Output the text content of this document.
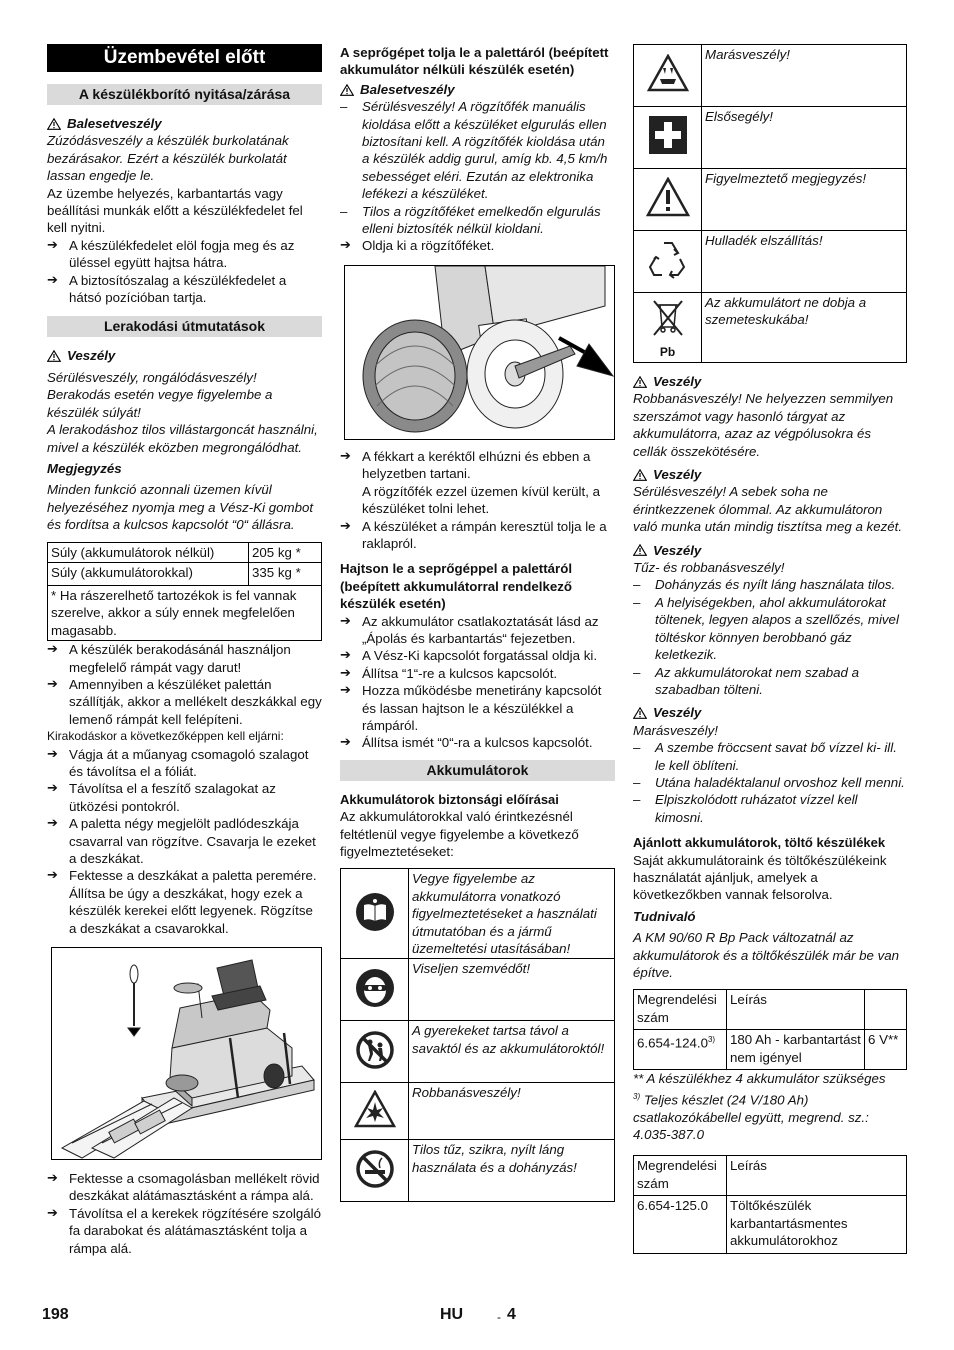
Üzembevétel előtt
A készülékborító nyitása/zárása
Balesetveszély

Zúzódásveszély a készülék burkolatának bezárásakor. Ezért a készülék burkolatát lassan engedje le.

Az üzembe helyezés, karbantartás vagy beállítási munkák előtt a készülékfedelet fel kell nyitni.

➔ A készülékfedelet elöl fogja meg és az üléssel együtt hajtsa hátra.

➔ A biztosítószalag a készülékfedelet a hátsó pozícióban tartja.

Lerakodási útmutatások
Veszély

Sérülésveszély, rongálódásveszély!

Berakodás esetén vegye figyelembe a készülék súlyát!

A lerakodáshoz tilos villástargoncát használni, mivel a készülék eközben megrongálódhat.

Megjegyzés

Minden funkció azonnali üzemen kívül helyezéséhez nyomja meg a Vész-Ki gombot és fordítsa a kulcsos kapcsolót “0“ állásra.

Súly (akkumulátorok nélkül)	205 kg *
Súly (akkumulátorokkal)	335 kg *
* Ha rászerelhető tartozékok is fel vannak szerelve, akkor a súly ennek megfelelően magasabb.	

➔ A készülék berakodásánál használjon megfelelő rámpát vagy darut!

➔ Amennyiben a készüléket palettán szállítják, akkor a mellékelt deszkákkal egy lemenő rámpát kell felépíteni.

Kirakodáskor a következőképpen kell eljárni:

➔ Vágja át a műanyag csomagoló szalagot és távolítsa el a fóliát.

➔ Távolítsa el a feszítő szalagokat az ütközési pontokról.

➔ A paletta négy megjelölt padlódeszkája csavarral van rögzítve. Csavarja le ezeket a deszkákat.

➔ Fektesse a deszkákat a paletta peremére. Állítsa be úgy a deszkákat, hogy ezek a készülék kerekei előtt legyenek. Rögzítse a deszkákat a csavarokkal.

➔ Fektesse a csomagolásban mellékelt rövid deszkákat alátámasztásként a rámpa alá.

➔ Távolítsa el a kerekek rögzítésére szolgáló fa darabokat és alátámasztásként tolja a rámpa alá.

A seprőgépet tolja le a palettáról (beépített akkumulátor nélküli készülék esetén)

Balesetveszély

– Sérülésveszély! A rögzítőfék manuális kioldása előtt a készüléket elgurulás ellen biztosítani kell. A rögzítőfék kioldása után a készülék addig gurul, amíg kb. 4,5 km/h sebességet eléri. Ezután az elektronika lefékezi a készüléket.

– Tilos a rögzítőféket emelkedőn elgurulás elleni biztosíték nélkül kioldani.

➔ Oldja ki a rögzítőféket.

➔ A fékkart a keréktől elhúzni és ebben a helyzetben tartani.

A rögzítőfék ezzel üzemen kívül került, a készüléket tolni lehet.

➔ A készüléket a rámpán keresztül tolja le a raklapról.

Hajtson le a seprőgéppel a palettáról (beépített akkumulátorral rendelkező készülék esetén)

➔ Az akkumulátor csatlakoztatását lásd az „Ápolás és karbantartás“ fejezetben.

➔ A Vész-Ki kapcsolót forgatással oldja ki.

➔ Állítsa “1“-re a kulcsos kapcsolót.

➔ Hozza működésbe menetirány kapcsolót és lassan hajtson le a készülékkel a rámpáról.

➔ Állítsa ismét “0“-ra a kulcsos kapcsolót.

Akkumulátorok

Akkumulátorok biztonsági előírásai

Az akkumulátorokkal való érintkezésnél feltétlenül vegye figyelembe a következő figyelmeztetéseket:

	Vegye figyelembe az akkumulátorra vonatkozó figyelmeztetéseket a használati útmutatóban és a jármű üzemeltetési utasításában!
	Viseljen szemvédőt!
	A gyerekeket tartsa távol a savaktól és az akkumulátoroktól!
	Robbanásveszély!
	Tilos tűz, szikra, nyílt láng használata és a dohányzás!
	Marásveszély!
	Elsősegély!
	Figyelmeztető megjegyzés!
	Hulladék elszállítás!

Pb	Az akkumulátort ne dobja a szemeteskukába!
Veszély

Robbanásveszély! Ne helyezzen semmilyen szerszámot vagy hasonló tárgyat az akkumulátorra, azaz az végpólusokra és cellák összekötésére.

Veszély

Sérülésveszély! A sebek soha ne érintkezzenek ólommal. Az akkumulátoron való munka után mindig tisztítsa meg a kezét.

Veszély

Tűz- és robbanásveszély!

– Dohányzás és nyílt láng használata tilos.

– A helyiségekben, ahol akkumulátorokat töltenek, legyen alapos a szellőzés, mivel töltéskor könnyen berobbanó gáz keletkezik.

– Az akkumulátorokat nem szabad a szabadban tölteni.

Veszély

Marásveszély!

– A szembe fröccsent savat bő vízzel ki- ill. le kell öblíteni.

– Utána haladéktalanul orvoshoz kell menni.

– Elpiszkolódott ruházatot vízzel kell kimosni.

Ajánlott akkumulátorok, töltő készülékek

Saját akkumulátoraink és töltőkészülékeink használatát ajánljuk, amelyek a következőkben vannak felsorolva.

Tudnivaló

A KM 90/60 R Bp Pack változatnál az akkumulátorok és a töltőkészülék már be van építve.

Megrendelési szám	Leírás	
6.654-124.0$^{3)}$	180 Ah - karbantartást nem igényel	6 V**

** A készülékhez 4 akkumulátor szükséges

$^{3)}$ Teljes készlet (24 V/180 Ah) csatlakozókábellel együtt, megrend. sz.: 4.035-387.0

Megrendelési szám	Leírás
6.654-125.0	Töltőkészülék karbantartásmentes akkumulátorokhoz
198	HU	- 4
